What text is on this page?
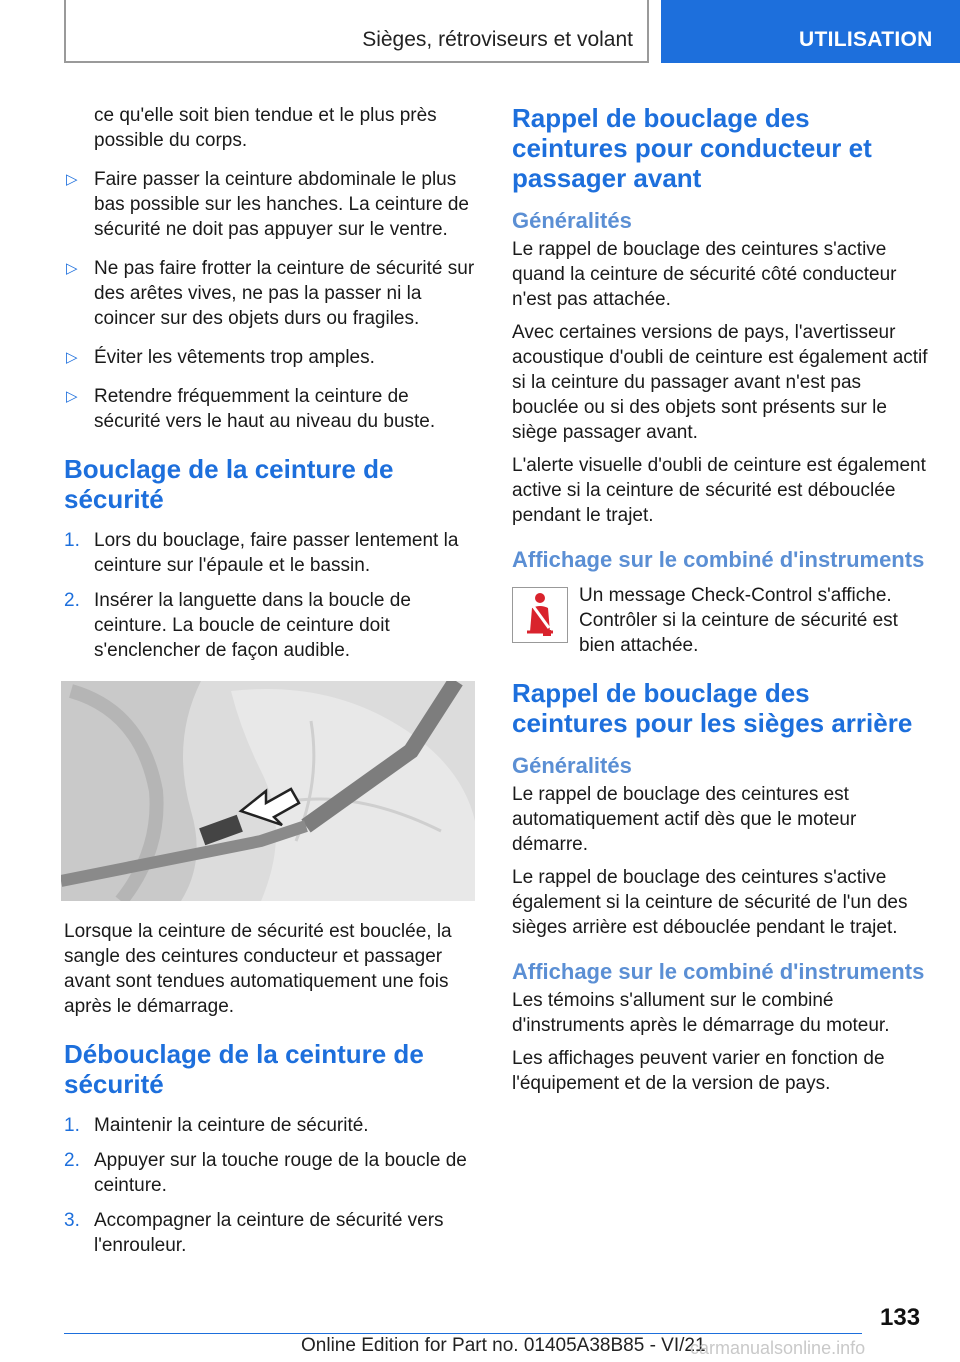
Sièges, rétroviseurs et volant	UTILISATION

ce qu'elle soit bien tendue et le plus près possible du corps.

▷ Faire passer la ceinture abdominale le plus bas possible sur les hanches. La ceinture de sécurité ne doit pas appuyer sur le ventre.
▷ Ne pas faire frotter la ceinture de sécurité sur des arêtes vives, ne pas la passer ni la coincer sur des objets durs ou fragiles.
▷ Éviter les vêtements trop amples.
▷ Retendre fréquemment la ceinture de sécurité vers le haut au niveau du buste.
Bouclage de la ceinture de sécurité
1. Lors du bouclage, faire passer lentement la ceinture sur l'épaule et le bassin.
2. Insérer la languette dans la boucle de ceinture. La boucle de ceinture doit s'enclencher de façon audible.

Lorsque la ceinture de sécurité est bouclée, la sangle des ceintures conducteur et passager avant sont tendues automatiquement une fois après le démarrage.

Débouclage de la ceinture de sécurité
1. Maintenir la ceinture de sécurité.
2. Appuyer sur la touche rouge de la boucle de ceinture.
3. Accompagner la ceinture de sécurité vers l'enrouleur.
Rappel de bouclage des ceintures pour conducteur et passager avant
Généralités

Le rappel de bouclage des ceintures s'active quand la ceinture de sécurité côté conducteur n'est pas attachée.

Avec certaines versions de pays, l'avertisseur acoustique d'oubli de ceinture est également actif si la ceinture du passager avant n'est pas bouclée ou si des objets sont présents sur le siège passager avant.

L'alerte visuelle d'oubli de ceinture est également active si la ceinture de sécurité est débouclée pendant le trajet.

Affichage sur le combiné d'instruments

Un message Check-Control s'affiche. Contrôler si la ceinture de sécurité est bien attachée.

Rappel de bouclage des ceintures pour les sièges arrière
Généralités

Le rappel de bouclage des ceintures est automatiquement actif dès que le moteur démarre.

Le rappel de bouclage des ceintures s'active également si la ceinture de sécurité de l'un des sièges arrière est débouclée pendant le trajet.

Affichage sur le combiné d'instruments

Les témoins s'allument sur le combiné d'instruments après le démarrage du moteur.

Les affichages peuvent varier en fonction de l'équipement et de la version de pays.

133
Online Edition for Part no. 01405A38B85 - VI/21
carmanualsonline.info
